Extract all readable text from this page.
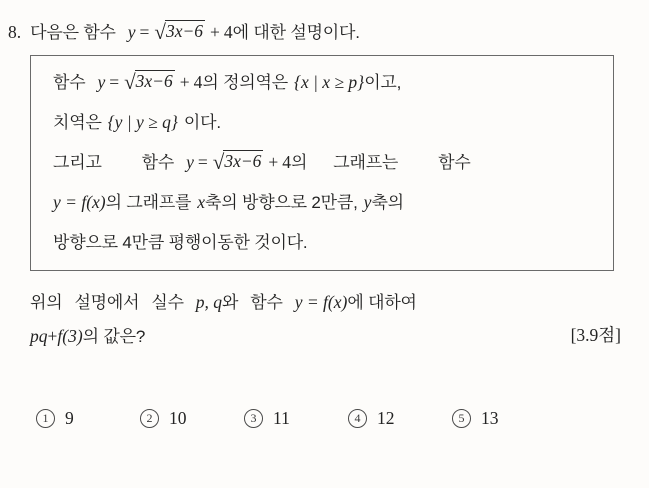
8. 다음은 함수 y = √ 3x−6 + 4 에 대한 설명이다.
함수 y = √ 3x−6 + 4 의 정의역은 {x | x ≥ p} 이고,
치역은 {y | y ≥ q} 이다.
그리고 함수 y = √ 3x−6 + 4 의 그래프는 함수
y = f(x) 의 그래프를 x 축의 방향으로 2만큼, y 축의
방향으로 4만큼 평행이동한 것이다.
위의 설명에서 실수 p, q 와 함수 y = f(x) 에 대하여
pq + f(3) 의 값은?	[3.9점]
1 9	2 10	3 11	4 12	5 13
